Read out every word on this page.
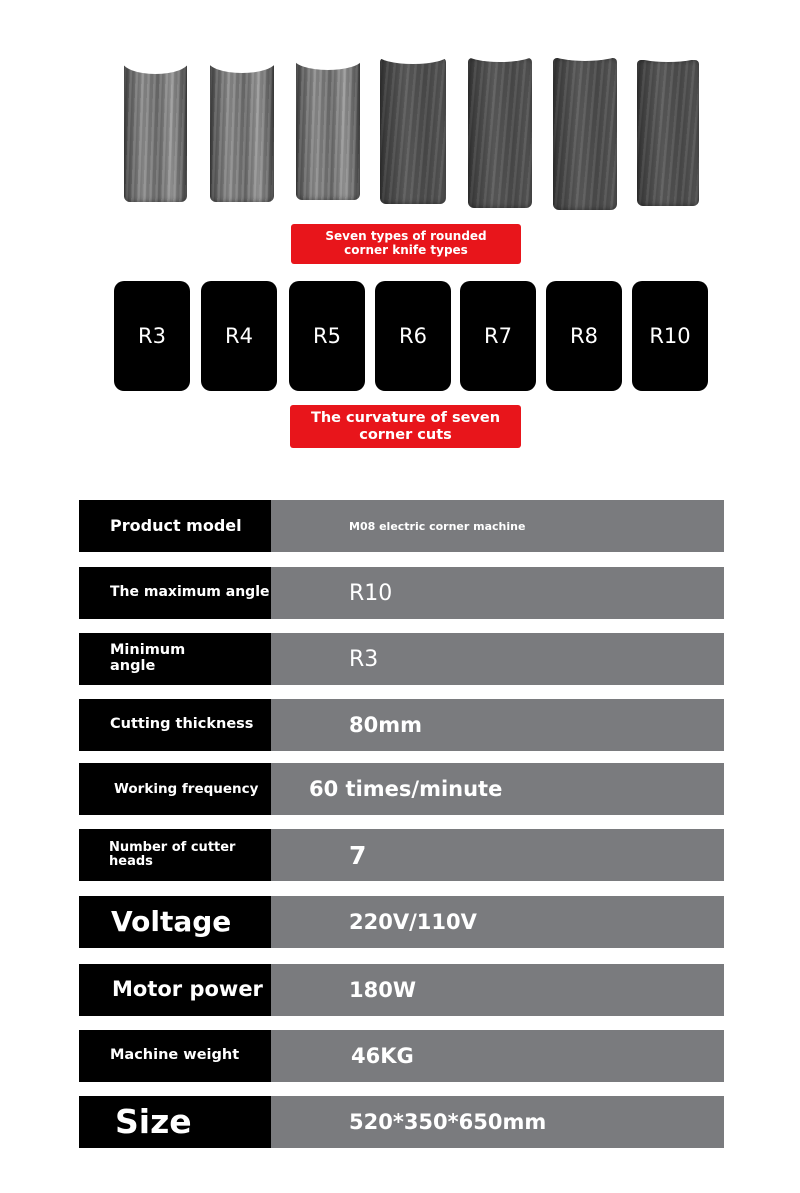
Seven types of rounded corner knife types
R3	R4	R5	R6	R7	R8	R10
The curvature of seven corner cuts
Product model	M08 electric corner machine
The maximum angle	R10
Minimum angle	R3
Cutting thickness	80mm
Working frequency	60 times/minute
Number of cutter heads	7
Voltage	220V/110V
Motor power	180W
Machine weight	46KG
Size	520*350*650mm
